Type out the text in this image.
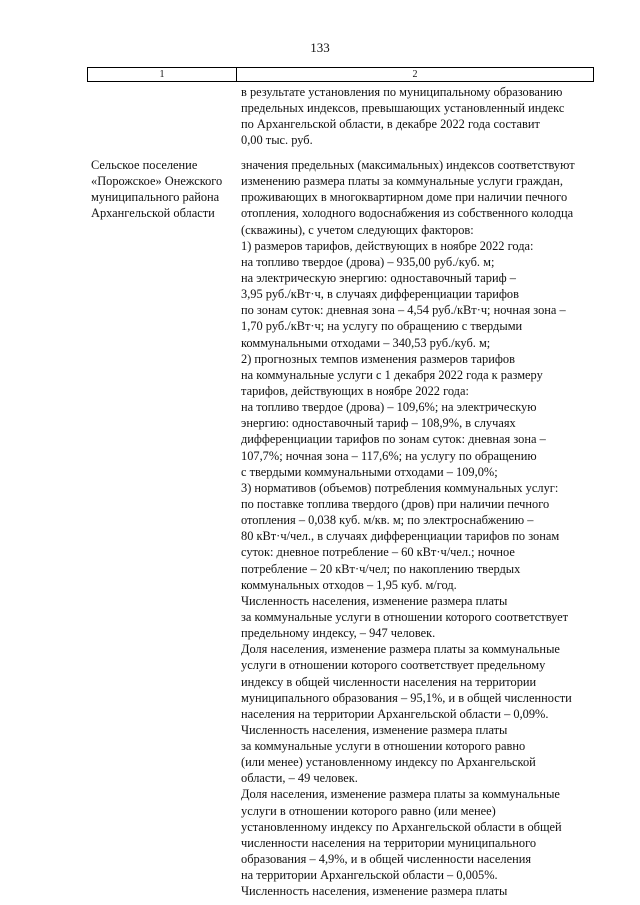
133
1	2
в результате установления по муниципальному образованию
предельных индексов, превышающих установленный индекс
по Архангельской области, в декабре 2022 года составит
0,00 тыс. руб.
Сельское поселение
«Порожское» Онежского
муниципального района
Архангельской области
значения предельных (максимальных) индексов соответствуют
изменению размера платы за коммунальные услуги граждан,
проживающих в многоквартирном доме при наличии печного
отопления, холодного водоснабжения из собственного колодца
(скважины), с учетом следующих факторов:
1) размеров тарифов, действующих в ноябре 2022 года:
на топливо твердое (дрова) – 935,00 руб./куб. м;
на электрическую энергию: одноставочный тариф –
3,95 руб./кВт·ч, в случаях дифференциации тарифов
по зонам суток: дневная зона – 4,54 руб./кВт·ч; ночная зона –
1,70 руб./кВт·ч; на услугу по обращению с твердыми
коммунальными отходами – 340,53 руб./куб. м;
2) прогнозных темпов изменения размеров тарифов
на коммунальные услуги с 1 декабря 2022 года к размеру
тарифов, действующих в ноябре 2022 года:
на топливо твердое (дрова) – 109,6%; на электрическую
энергию: одноставочный тариф – 108,9%, в случаях
дифференциации тарифов по зонам суток: дневная зона –
107,7%; ночная зона – 117,6%; на услугу по обращению
с твердыми коммунальными отходами – 109,0%;
3) нормативов (объемов) потребления коммунальных услуг:
по поставке топлива твердого (дров) при наличии печного
отопления – 0,038 куб. м/кв. м; по электроснабжению –
80 кВт·ч/чел., в случаях дифференциации тарифов по зонам
суток: дневное потребление – 60 кВт·ч/чел.; ночное
потребление – 20 кВт·ч/чел; по накоплению твердых
коммунальных отходов – 1,95 куб. м/год.
Численность населения, изменение размера платы
за коммунальные услуги в отношении которого соответствует
предельному индексу, – 947 человек.
Доля населения, изменение размера платы за коммунальные
услуги в отношении которого соответствует предельному
индексу в общей численности населения на территории
муниципального образования – 95,1%, и в общей численности
населения на территории Архангельской области – 0,09%.
Численность населения, изменение размера платы
за коммунальные услуги в отношении которого равно
(или менее) установленному индексу по Архангельской
области, – 49 человек.
Доля населения, изменение размера платы за коммунальные
услуги в отношении которого равно (или менее)
установленному индексу по Архангельской области в общей
численности населения на территории муниципального
образования – 4,9%, и в общей численности населения
на территории Архангельской области – 0,005%.
Численность населения, изменение размера платы
